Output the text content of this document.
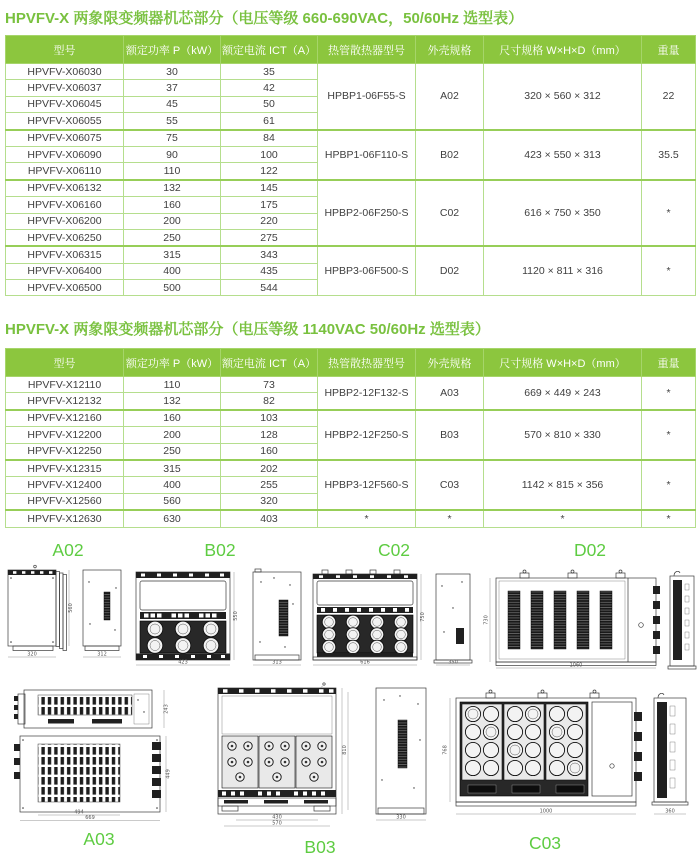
HPVFV-X 两象限变频器机芯部分（电压等级 660-690VAC，50/60Hz 选型表）
型号	额定功率 P（kW）	额定电流 ICT（A）	热管散热器型号	外壳规格	尺寸规格 W×H×D（mm）	重量
HPVFV-X06030	30	35	HPBP1-06F55-S	A02	320 × 560 × 312	22
HPVFV-X06037	37	42				
HPVFV-X06045	45	50				
HPVFV-X06055	55	61				
HPVFV-X06075	75	84	HPBP1-06F110-S	B02	423 × 550 × 313	35.5
HPVFV-X06090	90	100				
HPVFV-X06110	110	122				
HPVFV-X06132	132	145	HPBP2-06F250-S	C02	616 × 750 × 350	*
HPVFV-X06160	160	175				
HPVFV-X06200	200	220				
HPVFV-X06250	250	275				
HPVFV-X06315	315	343	HPBP3-06F500-S	D02	1120 × 811 × 316	*
HPVFV-X06400	400	435				
HPVFV-X06500	500	544				
HPVFV-X 两象限变频器机芯部分（电压等级 1140VAC 50/60Hz 选型表）
型号	额定功率 P（kW）	额定电流 ICT（A）	热管散热器型号	外壳规格	尺寸规格 W×H×D（mm）	重量
HPVFV-X12110	110	73	HPBP2-12F132-S	A03	669 × 449 × 243	*
HPVFV-X12132	132	82				
HPVFV-X12160	160	103	HPBP2-12F250-S	B03	570 × 810 × 330	*
HPVFV-X12200	200	128				
HPVFV-X12250	250	160				
HPVFV-X12315	315	202	HPBP3-12F560-S	C03	1142 × 815 × 356	*
HPVFV-X12400	400	255				
HPVFV-X12560	560	320				
HPVFV-X12630	630	403	*	*	*	*
A02
320
560
312
B02
423
550
313
C02
616
750
350
D02
730
1060
243
494
669
449
A03
430
570
810
330
B03
768
1000	360
C03
